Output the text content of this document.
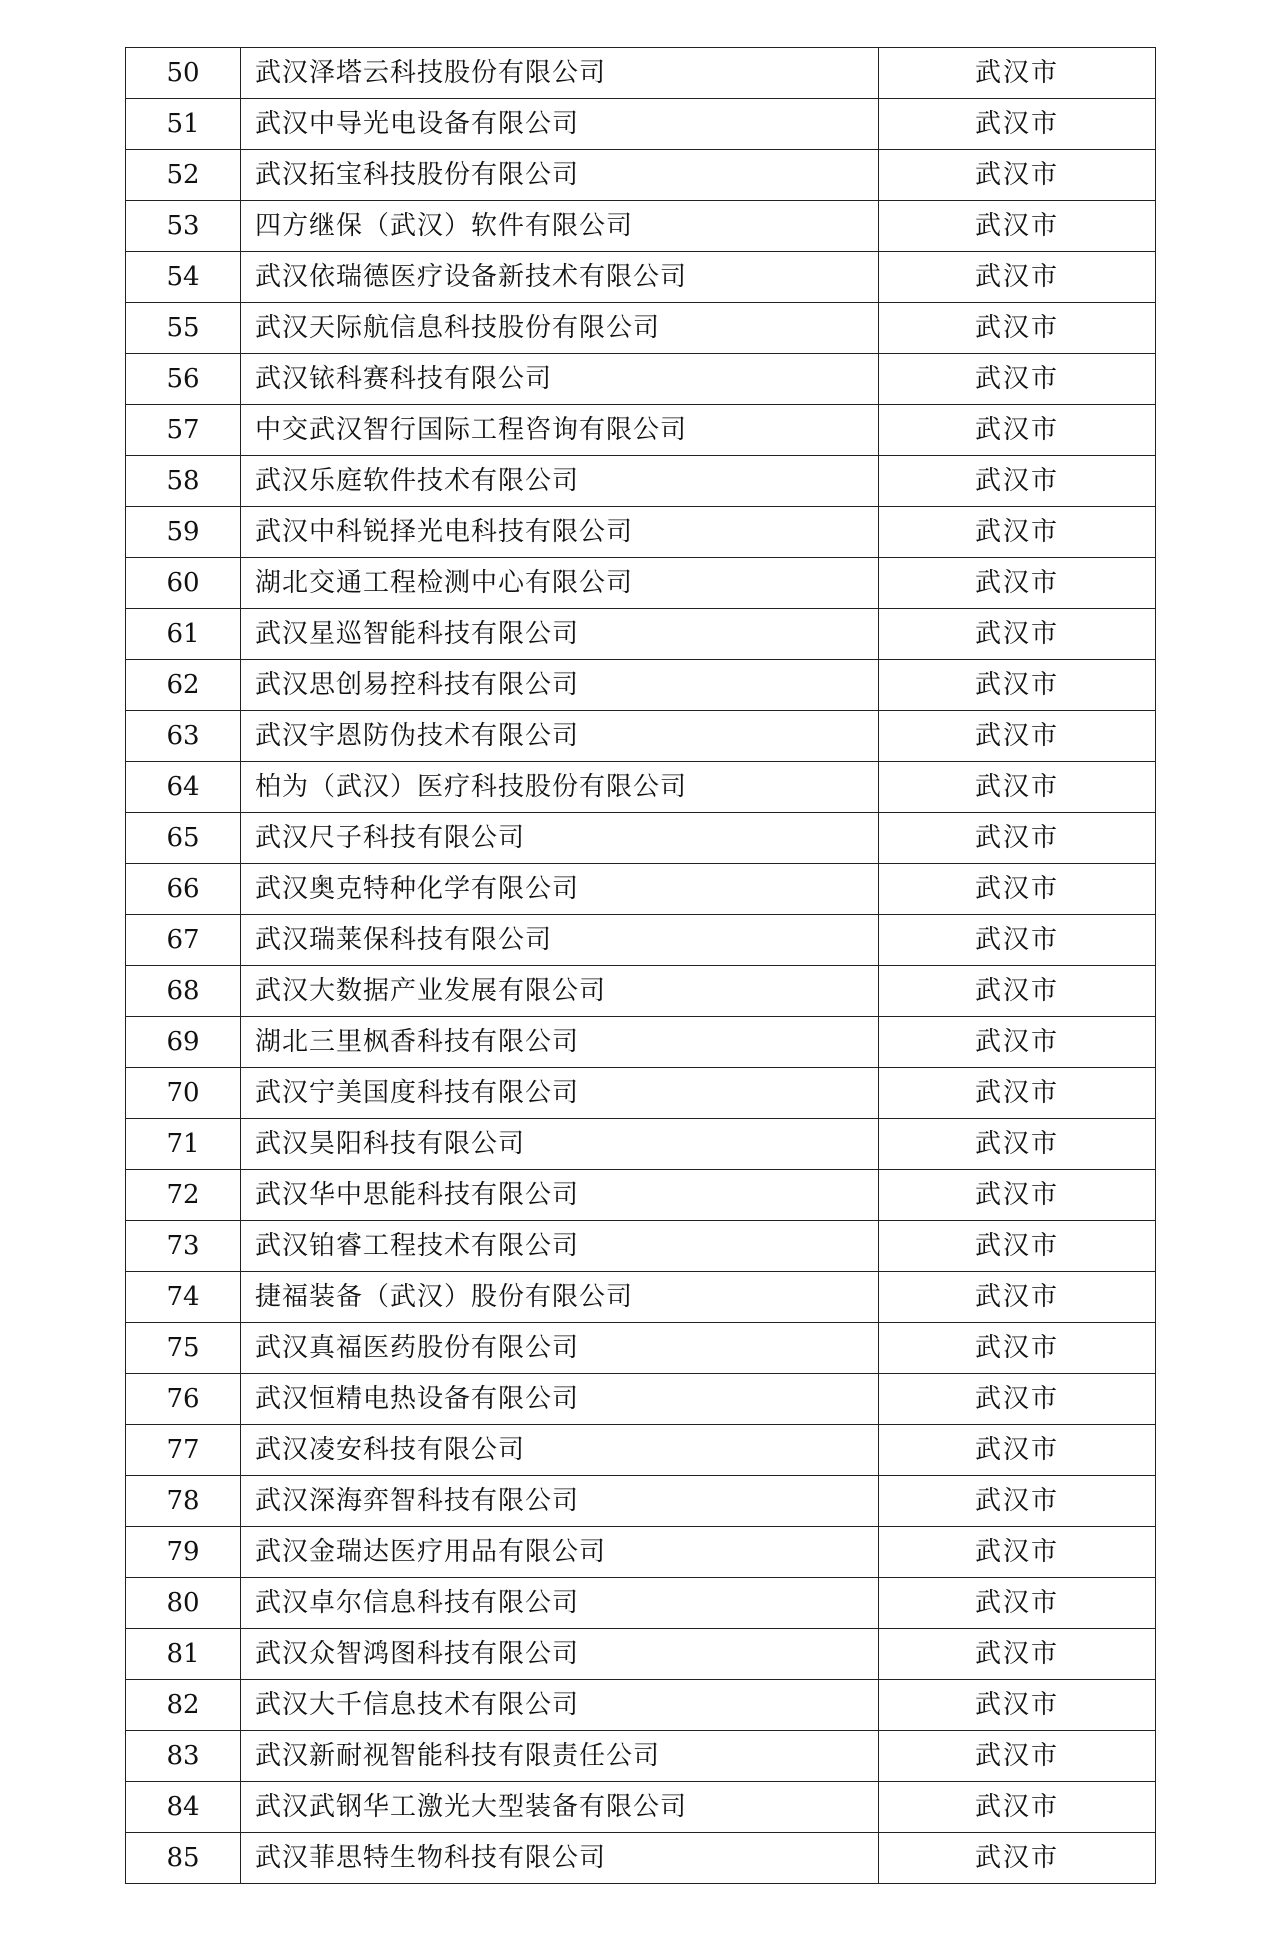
50	武汉泽塔云科技股份有限公司	武汉市
51	武汉中导光电设备有限公司	武汉市
52	武汉拓宝科技股份有限公司	武汉市
53	四方继保（武汉）软件有限公司	武汉市
54	武汉依瑞德医疗设备新技术有限公司	武汉市
55	武汉天际航信息科技股份有限公司	武汉市
56	武汉铱科赛科技有限公司	武汉市
57	中交武汉智行国际工程咨询有限公司	武汉市
58	武汉乐庭软件技术有限公司	武汉市
59	武汉中科锐择光电科技有限公司	武汉市
60	湖北交通工程检测中心有限公司	武汉市
61	武汉星巡智能科技有限公司	武汉市
62	武汉思创易控科技有限公司	武汉市
63	武汉宇恩防伪技术有限公司	武汉市
64	柏为（武汉）医疗科技股份有限公司	武汉市
65	武汉尺子科技有限公司	武汉市
66	武汉奥克特种化学有限公司	武汉市
67	武汉瑞莱保科技有限公司	武汉市
68	武汉大数据产业发展有限公司	武汉市
69	湖北三里枫香科技有限公司	武汉市
70	武汉宁美国度科技有限公司	武汉市
71	武汉昊阳科技有限公司	武汉市
72	武汉华中思能科技有限公司	武汉市
73	武汉铂睿工程技术有限公司	武汉市
74	捷福装备（武汉）股份有限公司	武汉市
75	武汉真福医药股份有限公司	武汉市
76	武汉恒精电热设备有限公司	武汉市
77	武汉凌安科技有限公司	武汉市
78	武汉深海弈智科技有限公司	武汉市
79	武汉金瑞达医疗用品有限公司	武汉市
80	武汉卓尔信息科技有限公司	武汉市
81	武汉众智鸿图科技有限公司	武汉市
82	武汉大千信息技术有限公司	武汉市
83	武汉新耐视智能科技有限责任公司	武汉市
84	武汉武钢华工激光大型装备有限公司	武汉市
85	武汉菲思特生物科技有限公司	武汉市
